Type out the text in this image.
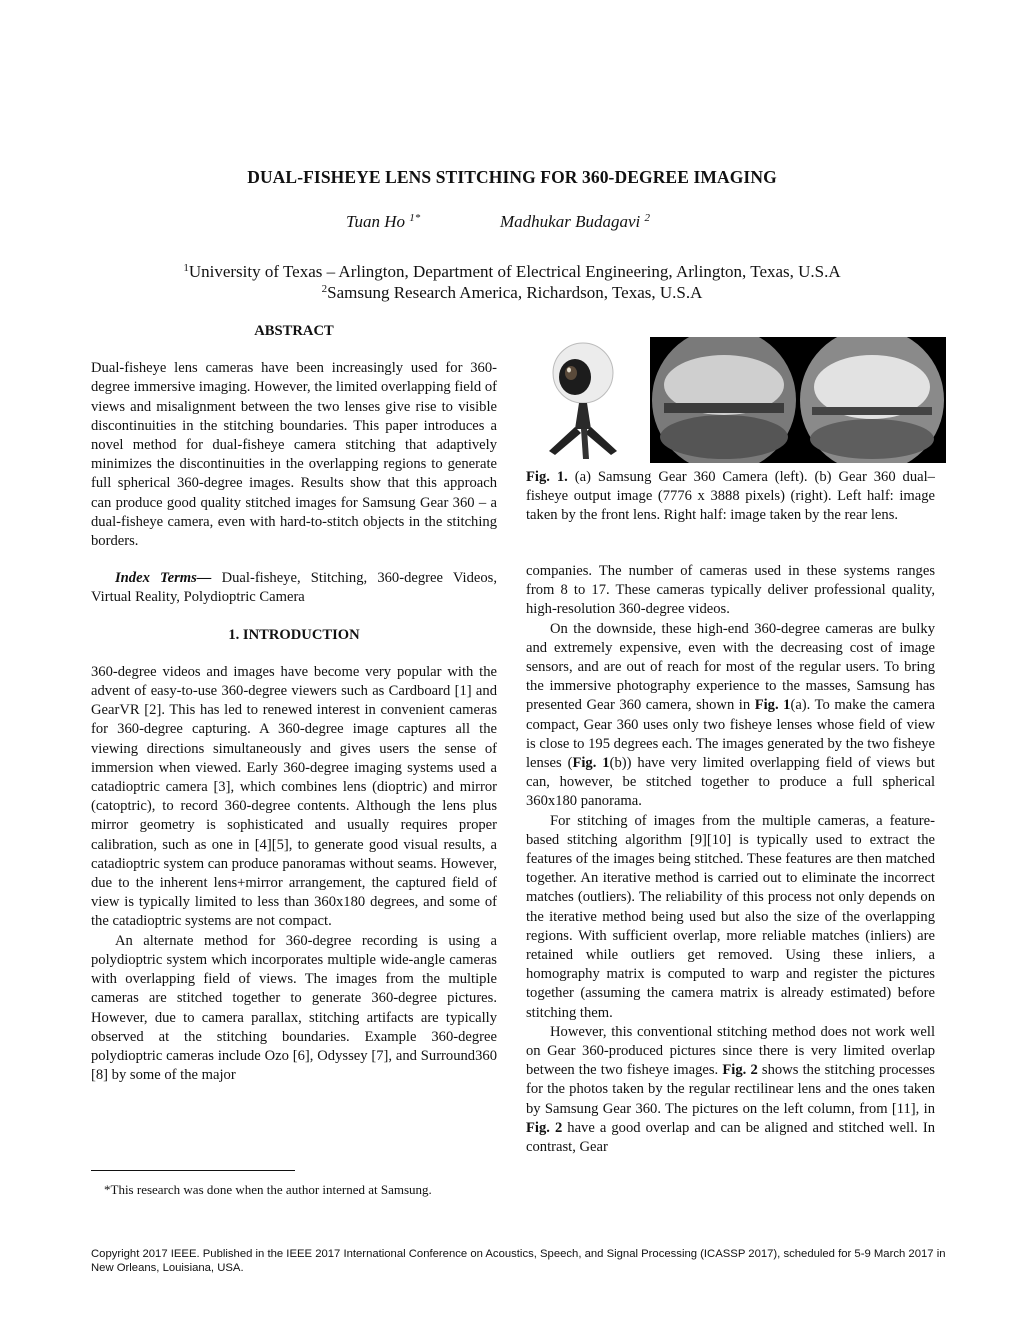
DUAL-FISHEYE LENS STITCHING FOR 360-DEGREE IMAGING
Tuan Ho $^{1*}$	Madhukar Budagavi $^2$
$^1$University of Texas – Arlington, Department of Electrical Engineering, Arlington, Texas, U.S.A
$^2$Samsung Research America, Richardson, Texas, U.S.A

ABSTRACT

Dual-fisheye lens cameras have been increasingly used for 360-degree immersive imaging. However, the limited overlapping field of views and misalignment between the two lenses give rise to visible discontinuities in the stitching boundaries. This paper introduces a novel method for dual-fisheye camera stitching that adaptively minimizes the discontinuities in the overlapping regions to generate full spherical 360-degree images. Results show that this approach can produce good quality stitched images for Samsung Gear 360 – a dual-fisheye camera, even with hard-to-stitch objects in the stitching borders.

Index Terms— Dual-fisheye, Stitching, 360-degree Videos, Virtual Reality, Polydioptric Camera

1. INTRODUCTION

360-degree videos and images have become very popular with the advent of easy-to-use 360-degree viewers such as Cardboard [1] and GearVR [2]. This has led to renewed interest in convenient cameras for 360-degree capturing. A 360-degree image captures all the viewing directions simultaneously and gives users the sense of immersion when viewed. Early 360-degree imaging systems used a catadioptric camera [3], which combines lens (dioptric) and mirror (catoptric), to record 360-degree contents. Although the lens plus mirror geometry is sophisticated and usually requires proper calibration, such as one in [4][5], to generate good visual results, a catadioptric system can produce panoramas without seams. However, due to the inherent lens+mirror arrangement, the captured field of view is typically limited to less than 360x180 degrees, and some of the catadioptric systems are not compact.

An alternate method for 360-degree recording is using a polydioptric system which incorporates multiple wide-angle cameras with overlapping field of views. The images from the multiple cameras are stitched together to generate 360-degree pictures. However, due to camera parallax, stitching artifacts are typically observed at the stitching boundaries. Example 360-degree polydioptric cameras include Ozo [6], Odyssey [7], and Surround360 [8] by some of the major

Fig. 1. (a) Samsung Gear 360 Camera (left). (b) Gear 360 dual–fisheye output image (7776 x 3888 pixels) (right). Left half: image taken by the front lens. Right half: image taken by the rear lens.

companies. The number of cameras used in these systems ranges from 8 to 17. These cameras typically deliver professional quality, high-resolution 360-degree videos.

On the downside, these high-end 360-degree cameras are bulky and extremely expensive, even with the decreasing cost of image sensors, and are out of reach for most of the regular users. To bring the immersive photography experience to the masses, Samsung has presented Gear 360 camera, shown in Fig. 1(a). To make the camera compact, Gear 360 uses only two fisheye lenses whose field of view is close to 195 degrees each. The images generated by the two fisheye lenses (Fig. 1(b)) have very limited overlapping field of views but can, however, be stitched together to produce a full spherical 360x180 panorama.

For stitching of images from the multiple cameras, a feature-based stitching algorithm [9][10] is typically used to extract the features of the images being stitched. These features are then matched together. An iterative method is carried out to eliminate the incorrect matches (outliers). The reliability of this process not only depends on the iterative method being used but also the size of the overlapping regions. With sufficient overlap, more reliable matches (inliers) are retained while outliers get removed. Using these inliers, a homography matrix is computed to warp and register the pictures together (assuming the camera matrix is already estimated) before stitching them.

However, this conventional stitching method does not work well on Gear 360-produced pictures since there is very limited overlap between the two fisheye images. Fig. 2 shows the stitching processes for the photos taken by the regular rectilinear lens and the ones taken by Samsung Gear 360. The pictures on the left column, from [11], in Fig. 2 have a good overlap and can be aligned and stitched well. In contrast, Gear

*This research was done when the author interned at Samsung.
Copyright 2017 IEEE. Published in the IEEE 2017 International Conference on Acoustics, Speech, and Signal Processing (ICASSP 2017), scheduled for 5-9 March 2017 in New Orleans, Louisiana, USA.
